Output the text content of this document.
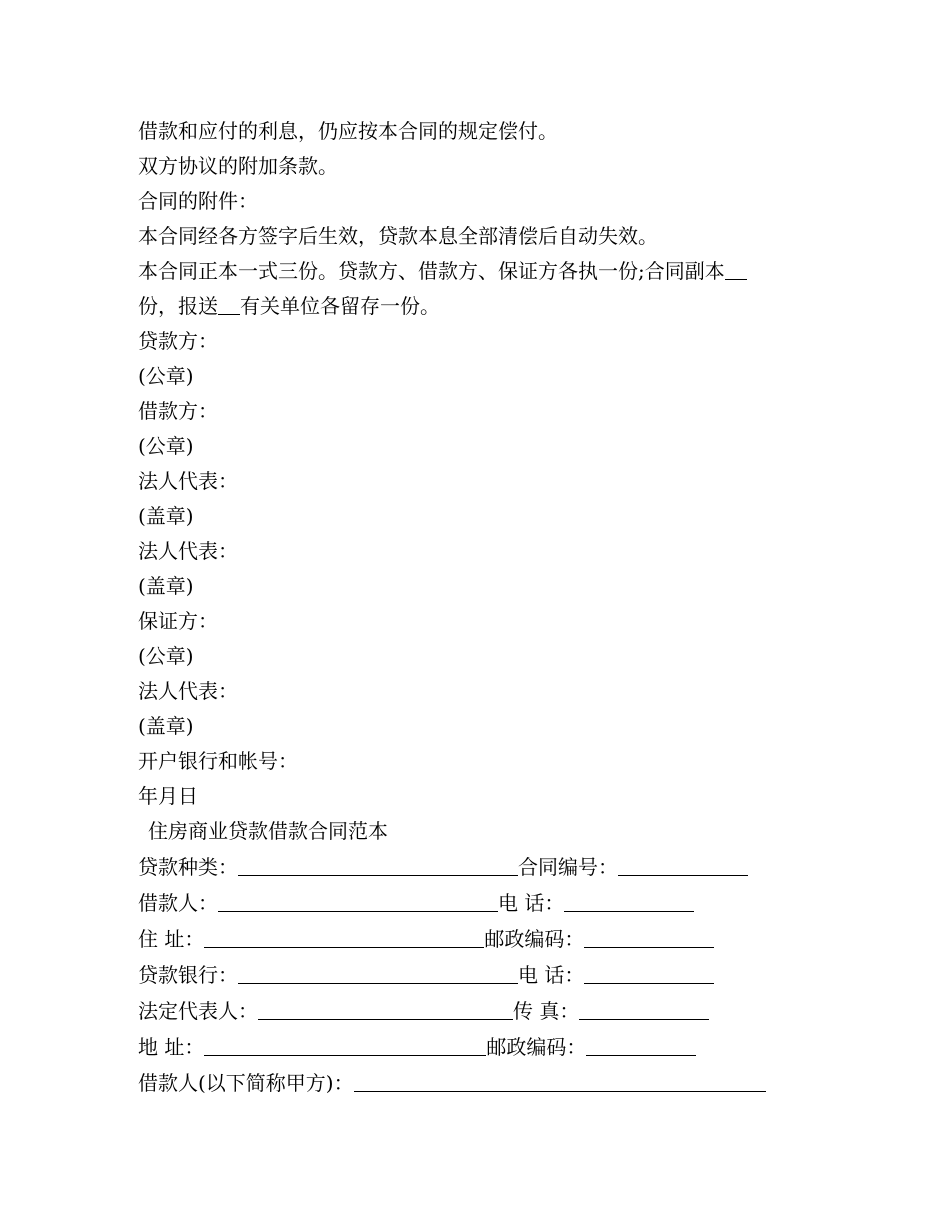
借款和应付的利息，仍应按本合同的规定偿付。
双方协议的附加条款。
合同的附件：
本合同经各方签字后生效，贷款本息全部清偿后自动失效。
本合同正本一式三份。贷款方、借款方、保证方各执一份;合同副本
份，报送 有关单位各留存一份。
贷款方：
(公章)
借款方：
(公章)
法人代表：
(盖章)
法人代表：
(盖章)
保证方：
(公章)
法人代表：
(盖章)
开户银行和帐号：
年月日
住房商业贷款借款合同范本
贷款种类：	合同编号：
借款人：	电 话：
住 址：	邮政编码：
贷款银行：	电 话：
法定代表人：	传 真：
地 址：	邮政编码：
借款人(以下简称甲方)：
